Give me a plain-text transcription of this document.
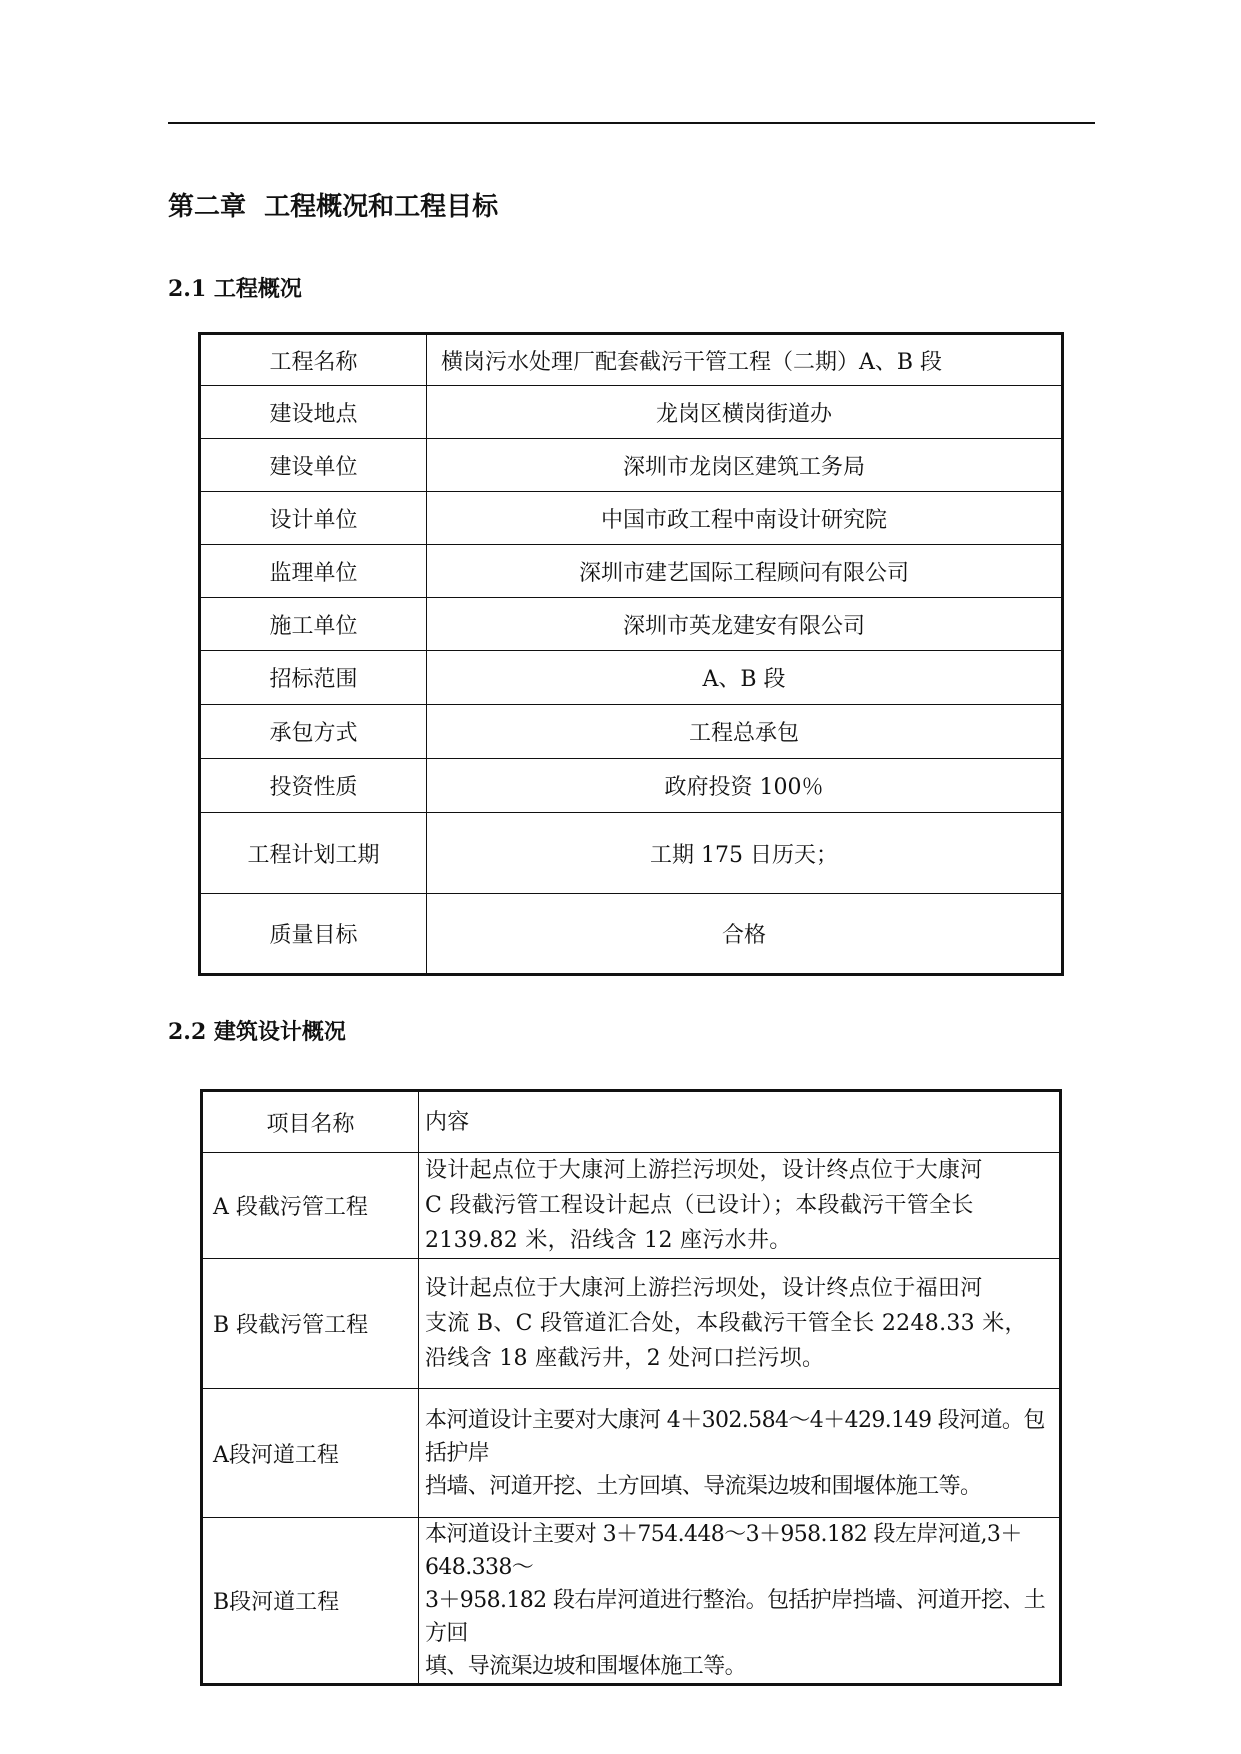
第二章  工程概况和工程目标
2.1 工程概况
工程名称	横岗污水处理厂配套截污干管工程（二期）A、B 段
建设地点	龙岗区横岗街道办
建设单位	深圳市龙岗区建筑工务局
设计单位	中国市政工程中南设计研究院
监理单位	深圳市建艺国际工程顾问有限公司
施工单位	深圳市英龙建安有限公司
招标范围	A、B 段
承包方式	工程总承包
投资性质	政府投资 100％
工程计划工期	工期 175 日历天；
质量目标	合格
2.2 建筑设计概况
项目名称	内容
A 段截污管工程	设计起点位于大康河上游拦污坝处，设计终点位于大康河
C 段截污管工程设计起点（已设计）；本段截污干管全长
2139.82 米，沿线含 12 座污水井。

B 段截污管工程	设计起点位于大康河上游拦污坝处，设计终点位于福田河
支流 B、C 段管道汇合处，本段截污干管全长 2248.33 米，
沿线含 18 座截污井，2 处河口拦污坝。

A段河道工程	本河道设计主要对大康河 4＋302.584～4＋429.149 段河道。包括护岸
挡墙、河道开挖、土方回填、导流渠边坡和围堰体施工等。

B段河道工程	本河道设计主要对 3＋754.448～3＋958.182 段左岸河道,3＋648.338～
3＋958.182 段右岸河道进行整治。包括护岸挡墙、河道开挖、土方回
填、导流渠边坡和围堰体施工等。
